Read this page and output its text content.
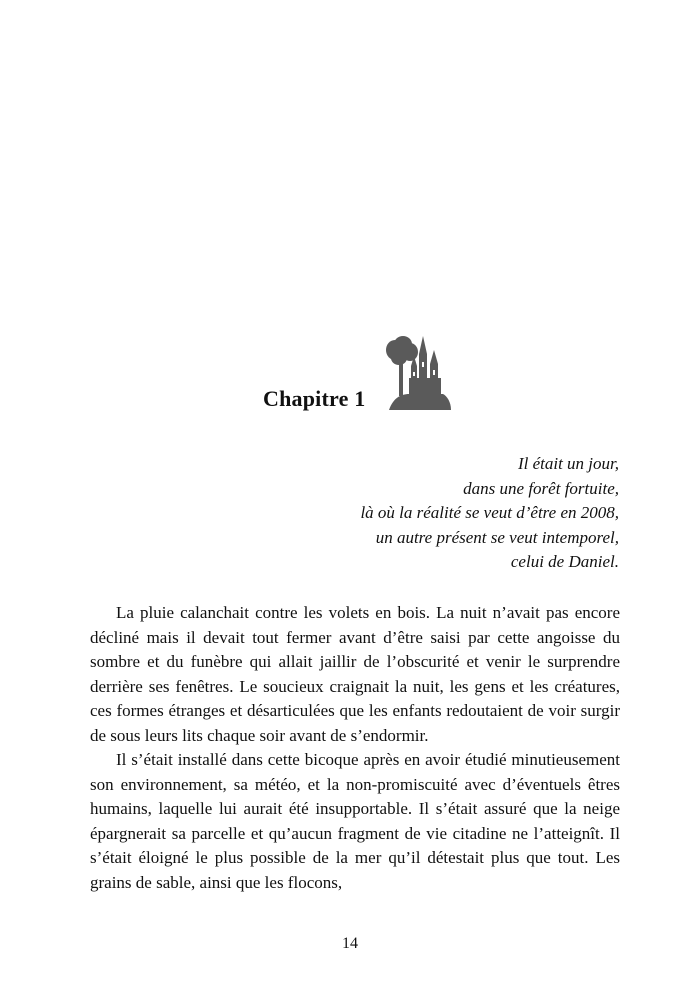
Chapitre 1
Il était un jour,
dans une forêt fortuite,
là où la réalité se veut d’être en 2008,
un autre présent se veut intemporel,
celui de Daniel.

La pluie calanchait contre les volets en bois. La nuit n’avait pas encore décliné mais il devait tout fermer avant d’être saisi par cette angoisse du sombre et du funèbre qui allait jaillir de l’obscurité et venir le surprendre derrière ses fenêtres. Le soucieux craignait la nuit, les gens et les créatures, ces formes étranges et désarticulées que les enfants redoutaient de voir surgir de sous leurs lits chaque soir avant de s’endormir.

Il s’était installé dans cette bicoque après en avoir étudié minutieusement son environnement, sa météo, et la non-promiscuité avec d’éventuels êtres humains, laquelle lui aurait été insupportable. Il s’était assuré que la neige épargnerait sa parcelle et qu’aucun fragment de vie citadine ne l’atteignît. Il s’était éloigné le plus possible de la mer qu’il détestait plus que tout. Les grains de sable, ainsi que les flocons,

14
